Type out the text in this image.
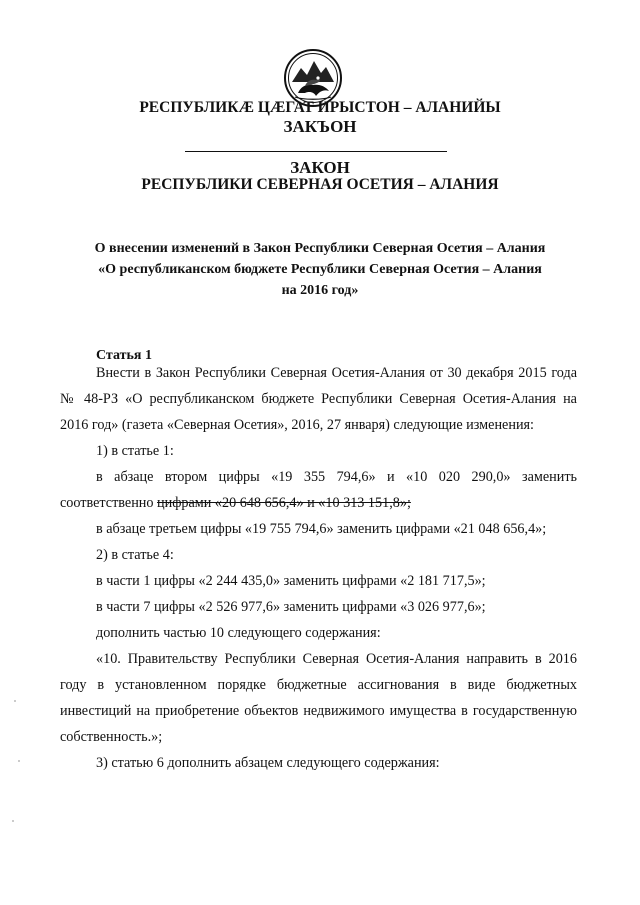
РЕСПУБЛИКӔ ЦӔГАТ ИРЫСТОН – АЛАНИЙЫ
ЗАКЪОН
ЗАКОН
РЕСПУБЛИКИ СЕВЕРНАЯ ОСЕТИЯ – АЛАНИЯ
О внесении изменений в Закон Республики Северная Осетия – Алания
«О республиканском бюджете Республики Северная Осетия – Алания
на 2016 год»
Статья 1

Внести в Закон Республики Северная Осетия-Алания от 30 декабря 2015 года № 48-РЗ «О республиканском бюджете Республики Северная Осетия-Алания на 2016 год» (газета «Северная Осетия», 2016, 27 января) следующие изменения:

1) в статье 1:

в абзаце втором цифры «19 355 794,6» и «10 020 290,0» заменить соответственно цифрами «20 648 656,4» и «10 313 151,8»;

в абзаце третьем цифры «19 755 794,6» заменить цифрами «21 048 656,4»;

2) в статье 4:

в части 1 цифры «2 244 435,0» заменить цифрами «2 181 717,5»;

в части 7 цифры «2 526 977,6» заменить цифрами «3 026 977,6»;

дополнить частью 10 следующего содержания:

«10. Правительству Республики Северная Осетия-Алания направить в 2016 году в установленном порядке бюджетные ассигнования в виде бюджетных инвестиций на приобретение объектов недвижимого имущества в государственную собственность.»;

3) статью 6 дополнить абзацем следующего содержания:
